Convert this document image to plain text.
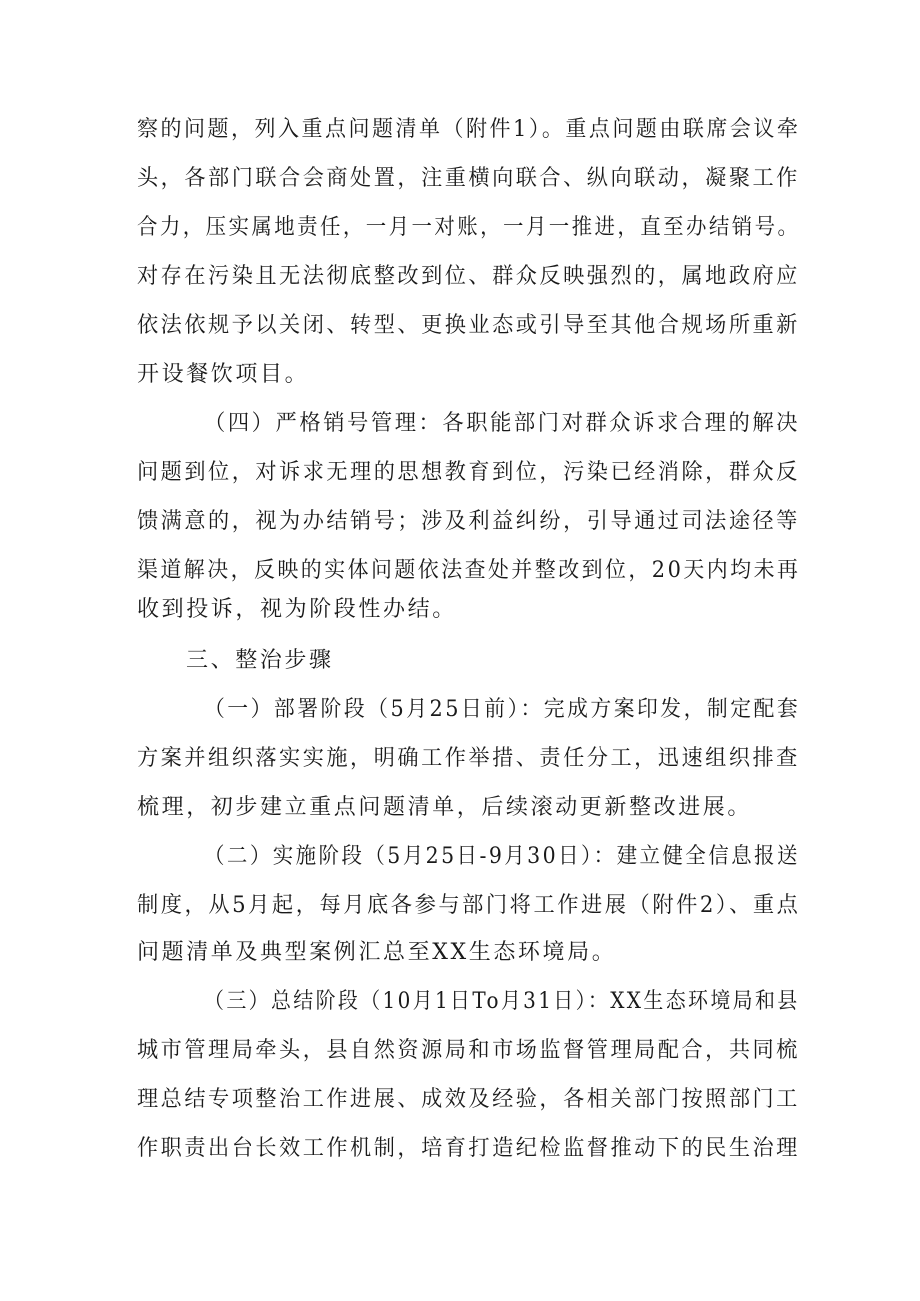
察的问题，列入重点问题清单（附件1）。重点问题由联席会议牵
头，各部门联合会商处置，注重横向联合、纵向联动，凝聚工作
合力，压实属地责任，一月一对账，一月一推进，直至办结销号。
对存在污染且无法彻底整改到位、群众反映强烈的，属地政府应
依法依规予以关闭、转型、更换业态或引导至其他合规场所重新
开设餐饮项目。
（四）严格销号管理：各职能部门对群众诉求合理的解决
问题到位，对诉求无理的思想教育到位，污染已经消除，群众反
馈满意的，视为办结销号；涉及利益纠纷，引导通过司法途径等
渠道解决，反映的实体问题依法查处并整改到位，20天内均未再
收到投诉，视为阶段性办结。
三、整治步骤
（一）部署阶段（5月25日前）：完成方案印发，制定配套
方案并组织落实实施，明确工作举措、责任分工，迅速组织排查
梳理，初步建立重点问题清单，后续滚动更新整改进展。
（二）实施阶段（5月25日-9月30日）：建立健全信息报送
制度，从5月起，每月底各参与部门将工作进展（附件2）、重点
问题清单及典型案例汇总至XX生态环境局。
（三）总结阶段（10月1日To月31日）：XX生态环境局和县
城市管理局牵头，县自然资源局和市场监督管理局配合，共同梳
理总结专项整治工作进展、成效及经验，各相关部门按照部门工
作职责出台长效工作机制，培育打造纪检监督推动下的民生治理
